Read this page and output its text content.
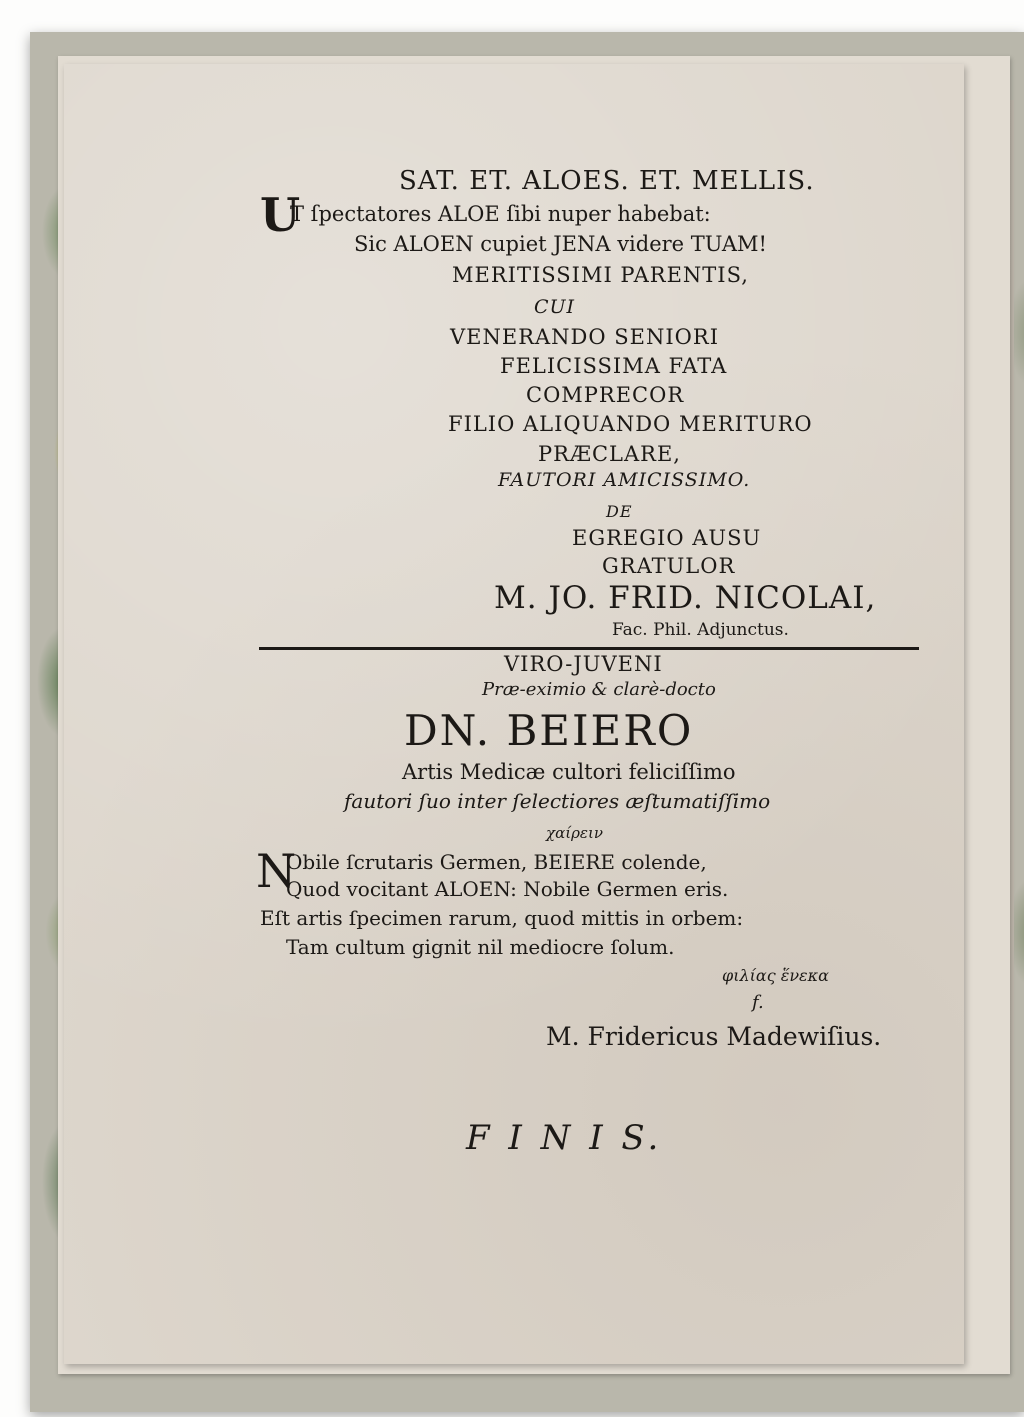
SAT. ET. ALOES. ET. MELLIS.
U
T ſpectatores ALOE ſibi nuper habebat:
Sic ALOEN cupiet JENA videre TUAM!
MERITISSIMI PARENTIS,
CUI
VENERANDO SENIORI
FELICISSIMA FATA
COMPRECOR
FILIO ALIQUANDO MERITURO
PRÆCLARE,
FAUTORI AMICISSIMO.
DE
EGREGIO AUSU
GRATULOR
M. JO. FRID. NICOLAI,
Fac. Phil. Adjunctus.
VIRO-JUVENI
Præ-eximio & clarè-docto
DN. BEIERO
Artis Medicæ cultori feliciſſimo
fautori ſuo inter ſelectiores æſtumatiſſimo
χαίρειν
N
Obile ſcrutaris Germen, BEIERE colende,
Quod vocitant ALOEN: Nobile Germen eris.
Eſt artis ſpecimen rarum, quod mittis in orbem:
Tam cultum gignit nil mediocre ſolum.
φιλίας ἕνεκα
f.
M. Fridericus Madewiſius.
F I N I S.
